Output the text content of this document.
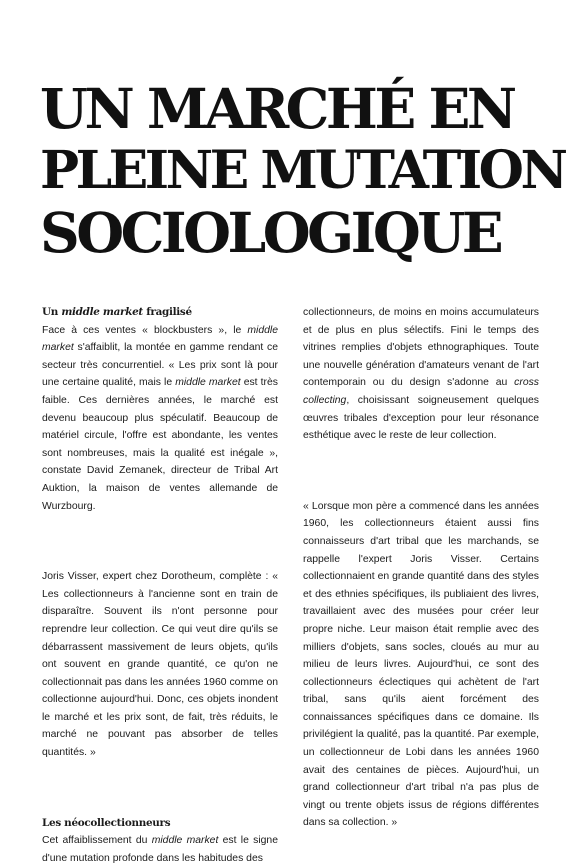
UN MARCHÉ EN
PLEINE MUTATION
SOCIOLOGIQUE

Un middle market fragilisé

Face à ces ventes « blockbusters », le middle market s'affaiblit, la montée en gamme rendant ce secteur très concurrentiel. « Les prix sont là pour une certaine qualité, mais le middle market est très faible. Ces dernières années, le marché est devenu beaucoup plus spéculatif. Beaucoup de matériel circule, l'offre est abondante, les ventes sont nombreuses, mais la qualité est inégale », constate David Zemanek, directeur de Tribal Art Auktion, la maison de ventes allemande de Wurzbourg.

Joris Visser, expert chez Dorotheum, complète : « Les collectionneurs à l'ancienne sont en train de disparaître. Souvent ils n'ont personne pour reprendre leur collection. Ce qui veut dire qu'ils se débarrassent massivement de leurs objets, qu'ils ont souvent en grande quantité, ce qu'on ne collectionnait pas dans les années 1960 comme on collectionne aujourd'hui. Donc, ces objets inondent le marché et les prix sont, de fait, très réduits, le marché ne pouvant pas absorber de telles quantités. »

Les néocollectionneurs

Cet affaiblissement du middle market est le signe d'une mutation profonde dans les habitudes des

collectionneurs, de moins en moins accumulateurs et de plus en plus sélectifs. Fini le temps des vitrines remplies d'objets ethnographiques. Toute une nouvelle génération d'amateurs venant de l'art contemporain ou du design s'adonne au cross collecting, choisissant soigneusement quelques œuvres tribales d'exception pour leur résonance esthétique avec le reste de leur collection.

« Lorsque mon père a commencé dans les années 1960, les collectionneurs étaient aussi fins connaisseurs d'art tribal que les marchands, se rappelle l'expert Joris Visser. Certains collectionnaient en grande quantité dans des styles et des ethnies spécifiques, ils publiaient des livres, travaillaient avec des musées pour créer leur propre niche. Leur maison était remplie avec des milliers d'objets, sans socles, cloués au mur au milieu de leurs livres. Aujourd'hui, ce sont des collectionneurs éclectiques qui achètent de l'art tribal, sans qu'ils aient forcément des connaissances spécifiques dans ce domaine. Ils privilégient la qualité, pas la quantité. Par exemple, un collectionneur de Lobi dans les années 1960 avait des centaines de pièces. Aujourd'hui, un grand collectionneur d'art tribal n'a pas plus de vingt ou trente objets issus de régions différentes dans sa collection. »
